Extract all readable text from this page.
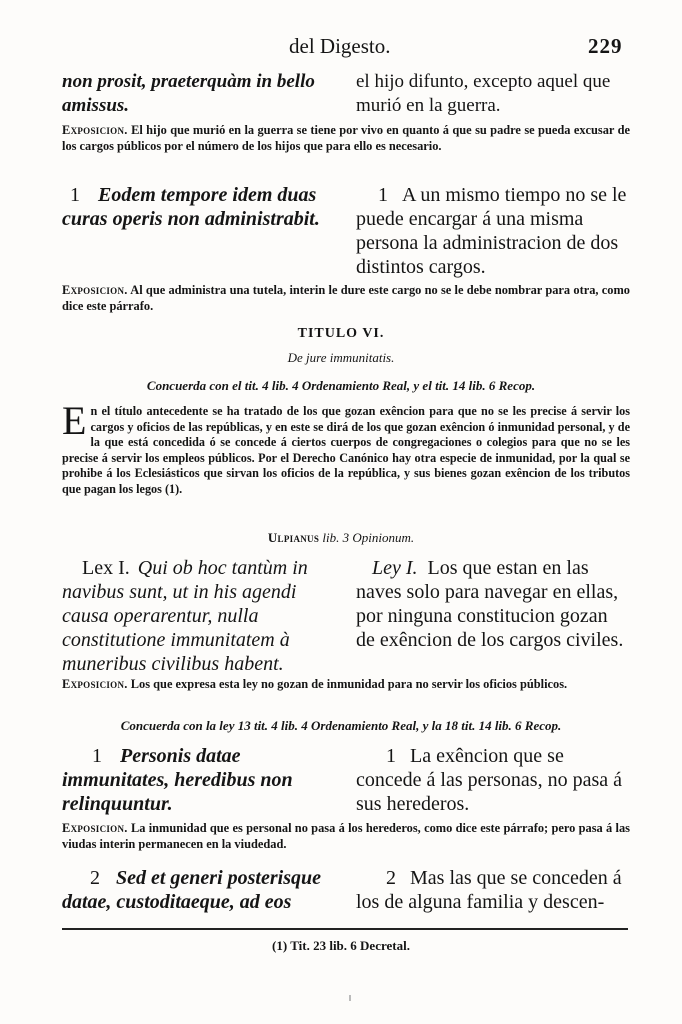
del Digesto.	229
non prosit, praeterquàm in bello amissus.
el hijo difunto, excepto aquel que murió en la guerra.
Exposicion. El hijo que murió en la guerra se tiene por vivo en quanto á que su padre se pueda excusar de los cargos públicos por el número de los hijos que para ello es necesario.
1 Eodem tempore idem duas curas operis non administrabit.
1 A un mismo tiempo no se le puede encargar á una misma persona la administracion de dos distintos cargos.
Exposicion. Al que administra una tutela, interin le dure este cargo no se le debe nombrar para otra, como dice este párrafo.
TITULO VI.
De jure immunitatis.
Concuerda con el tit. 4 lib. 4 Ordenamiento Real, y el tit. 14 lib. 6 Recop.
En el título antecedente se ha tratado de los que gozan exêncion para que no se les precise á servir los cargos y oficios de las repúblicas, y en este se dirá de los que gozan exêncion ó inmunidad personal, y de la que está concedida ó se concede á ciertos cuerpos de congregaciones o colegios para que no se les precise á servir los empleos públicos. Por el Derecho Canónico hay otra especie de inmunidad, por la qual se prohibe á los Eclesiásticos que sirvan los oficios de la república, y sus bienes gozan exêncion de los tributos que pagan los legos (1).
Ulpianus lib. 3 Opinionum.
Lex I. Qui ob hoc tantùm in navibus sunt, ut in his agendi causa operarentur, nulla constitutione immunitatem à muneribus civilibus habent.
Ley I. Los que estan en las naves solo para navegar en ellas, por ninguna constitucion gozan de exêncion de los cargos civiles.
Exposicion. Los que expresa esta ley no gozan de inmunidad para no servir los oficios públicos.
Concuerda con la ley 13 tit. 4 lib. 4 Ordenamiento Real, y la 18 tit. 14 lib. 6 Recop.
1 Personis datae immunitates, heredibus non relinquuntur.
1 La exêncion que se concede á las personas, no pasa á sus herederos.
Exposicion. La inmunidad que es personal no pasa á los herederos, como dice este párrafo; pero pasa á las viudas interin permanecen en la viudedad.
2 Sed et generi posterisque datae, custoditaeque, ad eos
2 Mas las que se conceden á los de alguna familia y descen-
(1) Tit. 23 lib. 6 Decretal.
